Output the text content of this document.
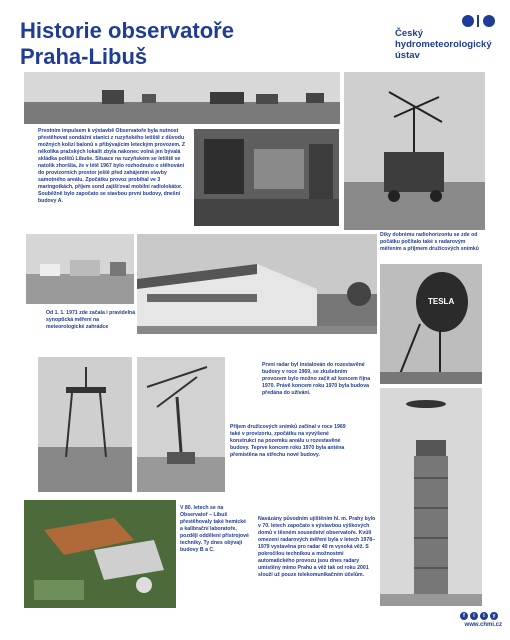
Historie observatoře
Praha-Libuš
Český
hydrometeorologický
ústav
Prvotním impulsem k výstavbě Observatoře byla nutnost přestěhovat sondážní stanici z ruzyňského letiště z důvodu možných kolizí balonů s přibývajícím leteckým provozem. Z několika pražských lokalit zbyla nakonec volná jen bývalá skládka polštů Libuše. Situace na ruzyňském se letiště se natolik zhoršila, že v létě 1967 bylo rozhodnuto o stěhování do provizorních prostor ještě před zahájením stavby samotného areálu. Zpočátku provoz probíhal ve 3 maringotkách, příjem sond zajišťoval mobilní radiolokátor. Souběžně bylo započato se stavbou první budovy, dnešní budovy A.
Díky dobrému radiohorizontu se zde od počátku počítalo také s radarovým měřením a příjmem družicových snímků
Od 1. 1. 1971 zde začala i pravidelná synoptická měření na meteorologické zahrádce
TESLA
První radar byl instalován do rozestavěné budovy v roce 1969, se zkušebním provozem bylo možno začít až koncem října 1970. Právě koncem roku 1970 byla budova předána do užívání.
Příjem družicových snímků začínal v roce 1969 také v provizoriu, zpočátku na vyvýšené konstrukci na pozemku areálu u rozestavěné budovy. Teprve koncem roku 1970 byla anténa přemístěna na střechu nové budovy.
V 80. letech se na Observatoř – Libuš přestěhovaly také hemické a kalibrační laboratoře, později oddělení přístrojové techniky. Ty dnes obývají budovy B a C.
Navázány původním ujištěním hl. m. Prahy bylo v 70. letech započato s výstavbou výškových domů v těsném sousedství observatoře. Kvůli omezení radarových měření byla v letech 1978–1979 vystavěna pro radar 40 m vysoká věž. S pokročilou technikou a možnostmi automatického provozu jsou dnes radary umístěny mimo Prahu a věž tak od roku 2001 slouží už pouze telekomunikačním účelům.
f	i	t	y
www.chmi.cz
